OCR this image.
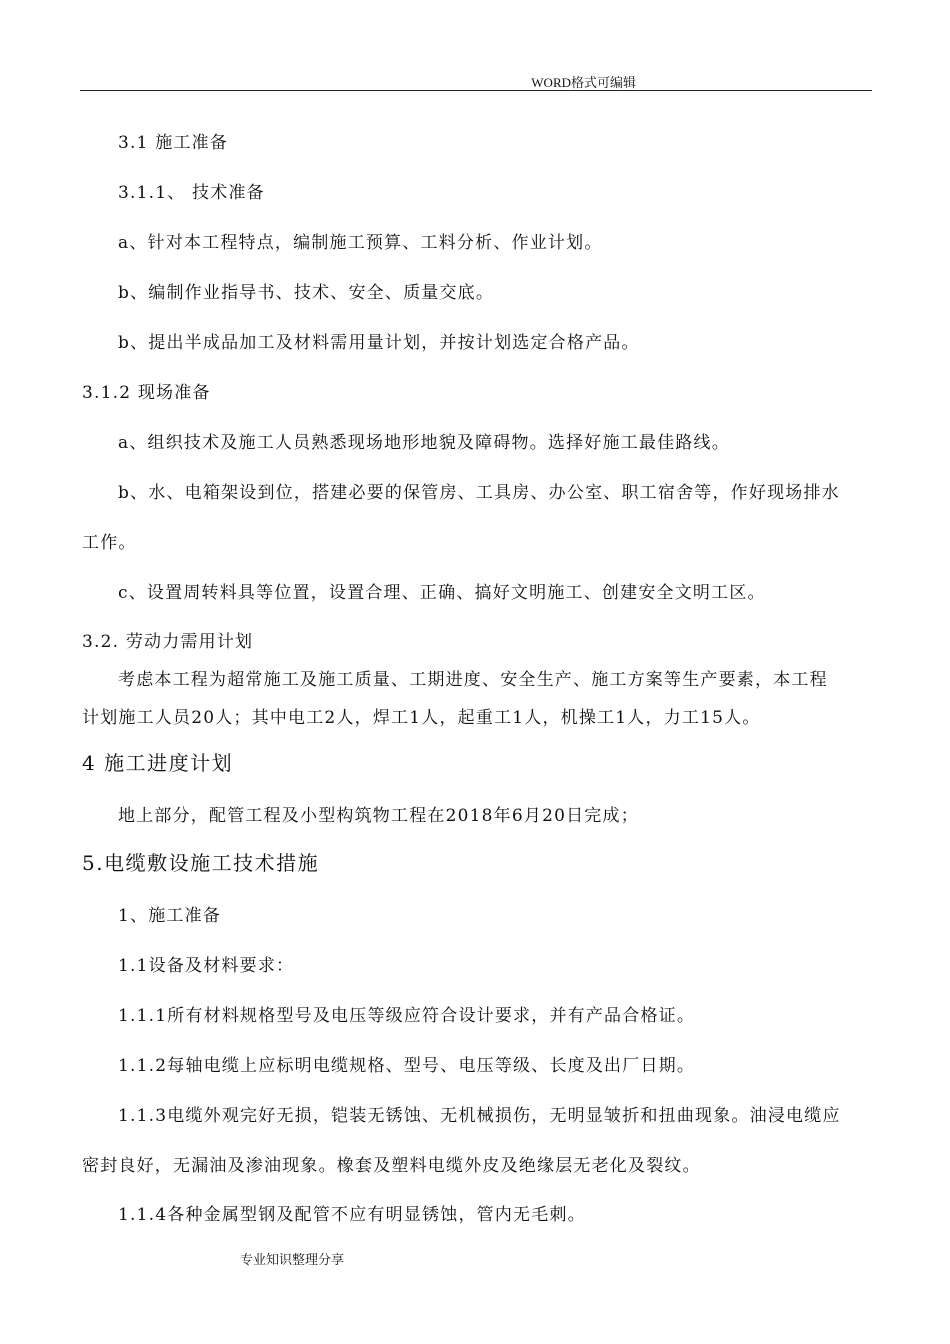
WORD格式可编辑
3.1 施工准备
3.1.1、 技术准备
a、针对本工程特点，编制施工预算、工料分析、作业计划。
b、编制作业指导书、技术、安全、质量交底。
b、提出半成品加工及材料需用量计划，并按计划选定合格产品。
3.1.2 现场准备
a、组织技术及施工人员熟悉现场地形地貌及障碍物。选择好施工最佳路线。
b、水、电箱架设到位，搭建必要的保管房、工具房、办公室、职工宿舍等，作好现场排水
工作。
c、设置周转料具等位置，设置合理、正确、搞好文明施工、创建安全文明工区。
3.2. 劳动力需用计划
考虑本工程为超常施工及施工质量、工期进度、安全生产、施工方案等生产要素，本工程
计划施工人员20人；其中电工2人，焊工1人，起重工1人，机操工1人，力工15人。
4 施工进度计划
地上部分，配管工程及小型构筑物工程在2018年6月20日完成；
5.电缆敷设施工技术措施
1、施工准备
1.1设备及材料要求：
1.1.1所有材料规格型号及电压等级应符合设计要求，并有产品合格证。
1.1.2每轴电缆上应标明电缆规格、型号、电压等级、长度及出厂日期。
1.1.3电缆外观完好无损，铠装无锈蚀、无机械损伤，无明显皱折和扭曲现象。油浸电缆应
密封良好，无漏油及渗油现象。橡套及塑料电缆外皮及绝缘层无老化及裂纹。
1.1.4各种金属型钢及配管不应有明显锈蚀，管内无毛刺。
专业知识整理分享
